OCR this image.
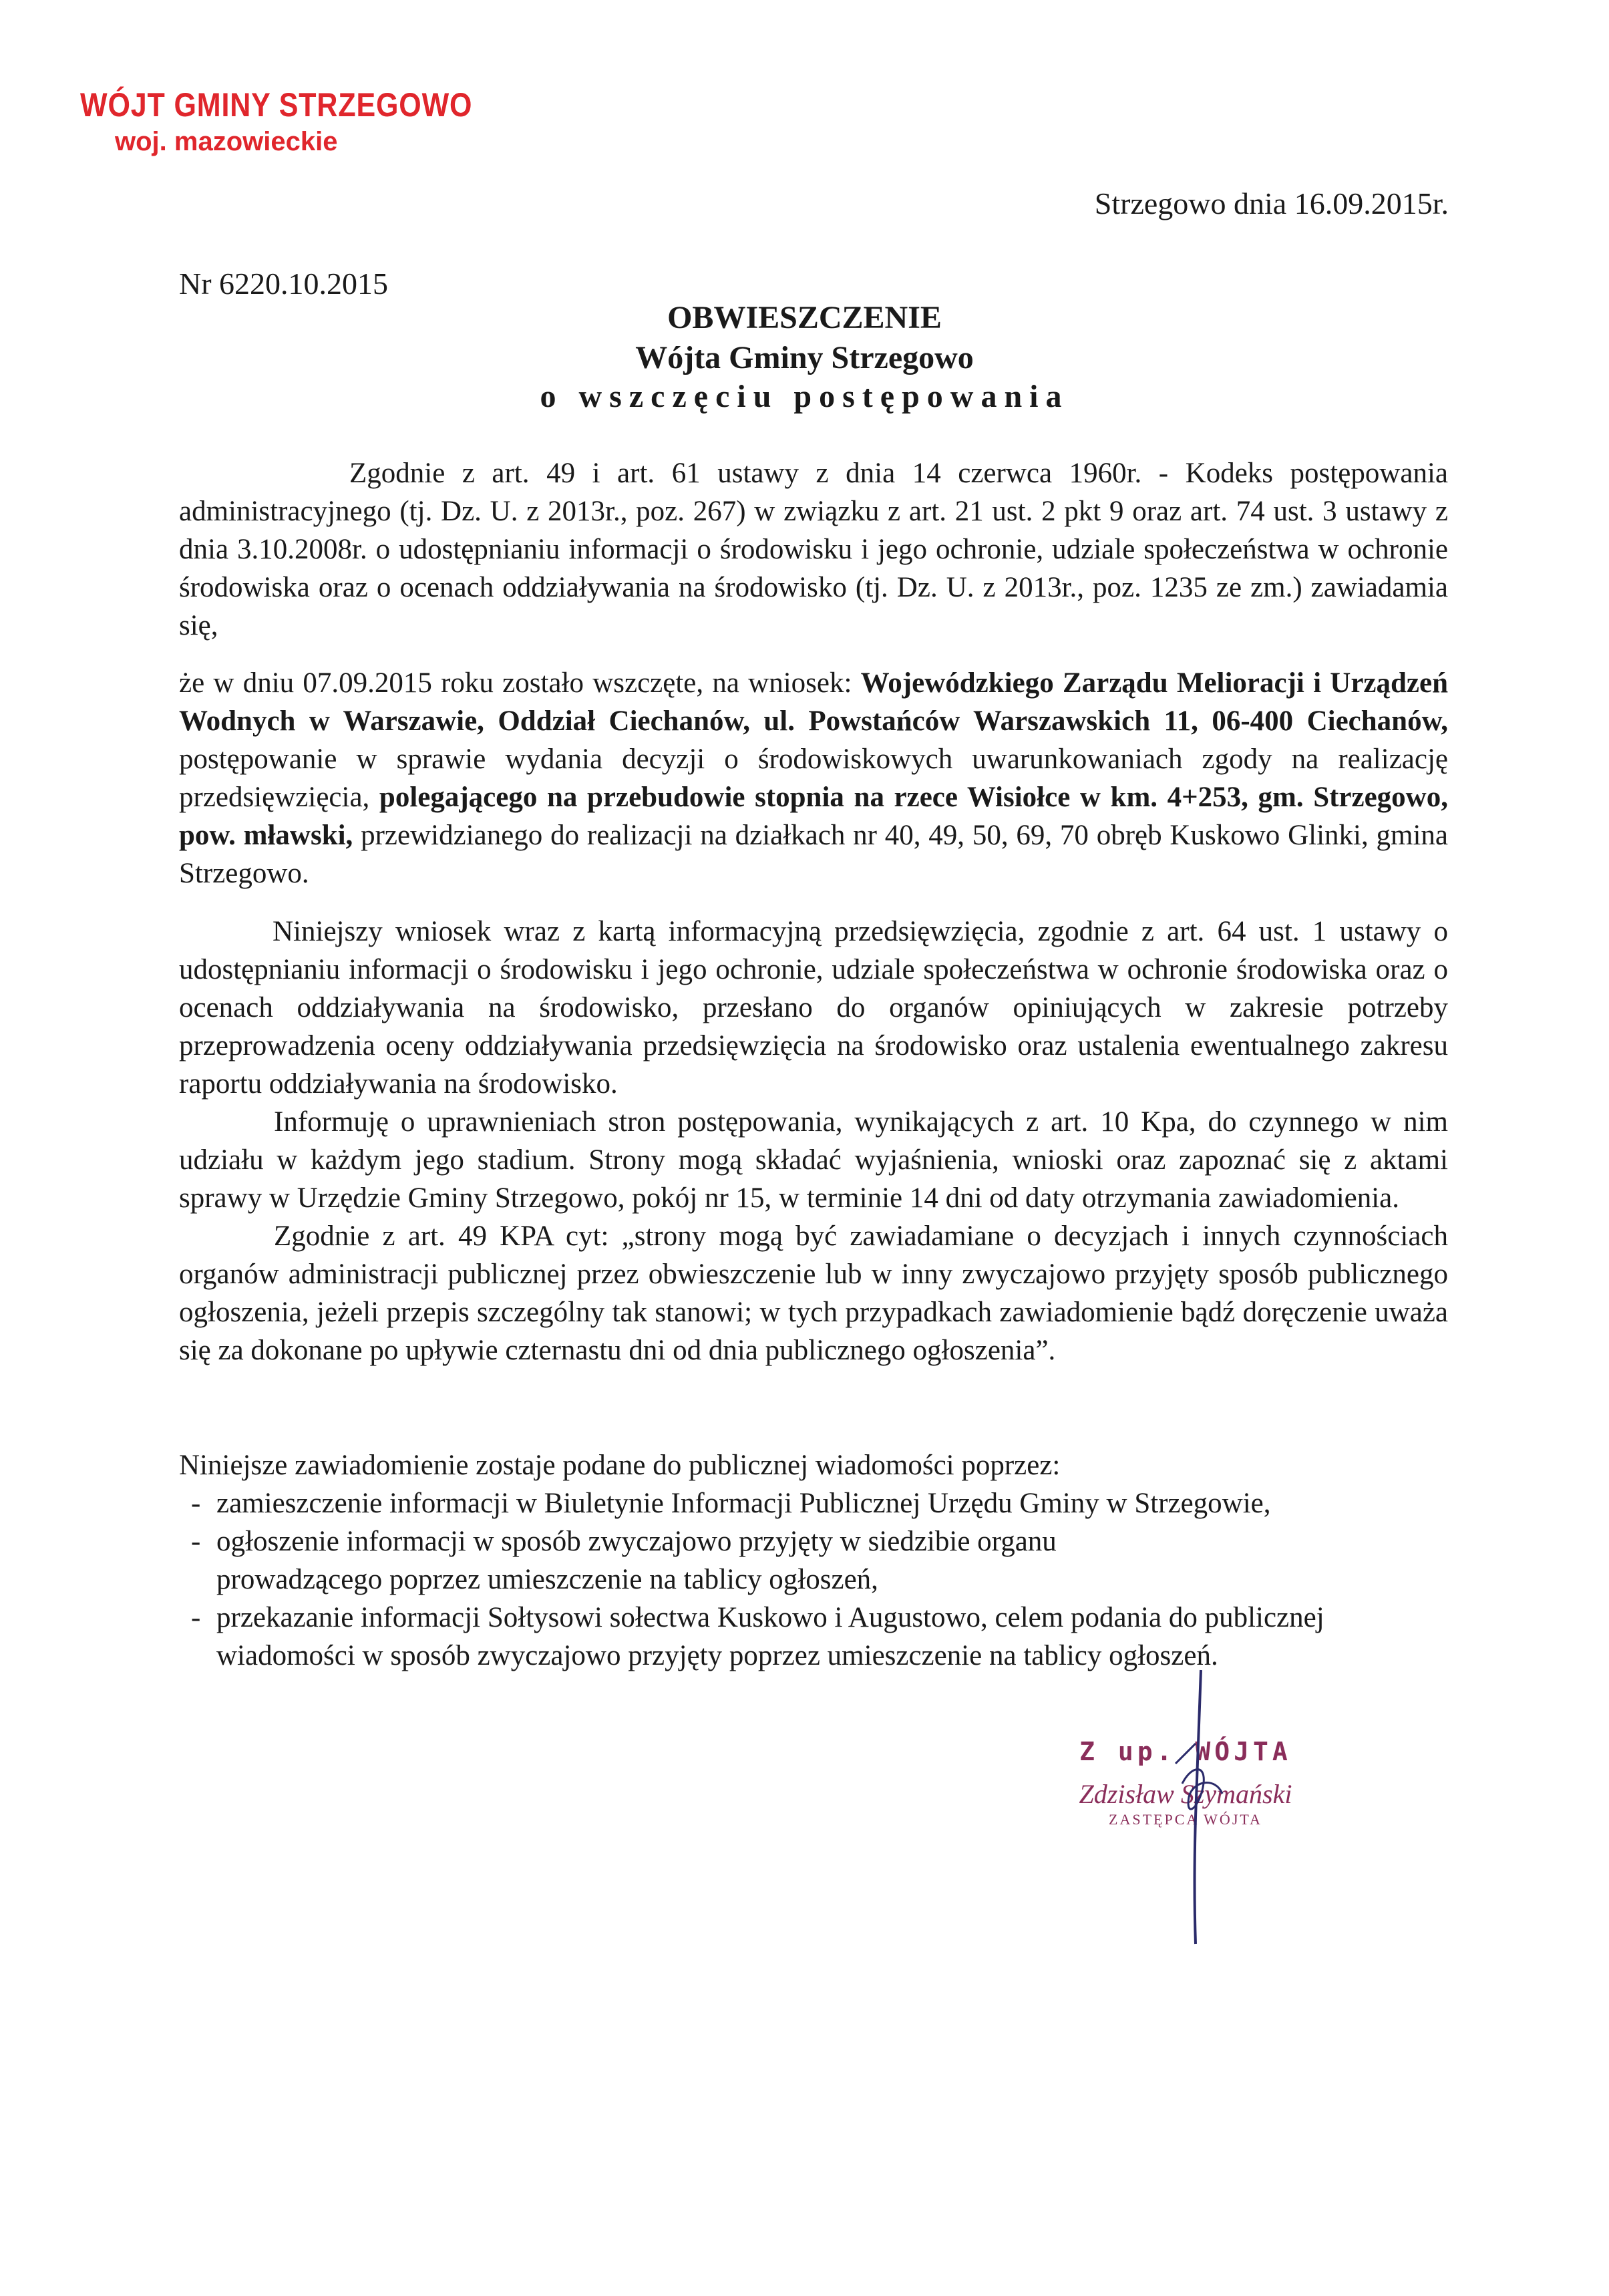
WÓJT GMINY STRZEGOWO
woj. mazowieckie
Strzegowo dnia 16.09.2015r.
Nr 6220.10.2015
OBWIESZCZENIE
Wójta Gminy Strzegowo
o wszczęciu postępowania

Zgodnie z art. 49 i art. 61 ustawy z dnia 14 czerwca 1960r. - Kodeks postępowania administracyjnego (tj. Dz. U. z 2013r., poz. 267) w związku z art. 21 ust. 2 pkt 9 oraz art. 74 ust. 3 ustawy z dnia 3.10.2008r. o udostępnianiu informacji o środowisku i jego ochronie, udziale społeczeństwa w ochronie środowiska oraz o ocenach oddziaływania na środowisko (tj. Dz. U. z 2013r., poz. 1235 ze zm.) zawiadamia się,

że w dniu 07.09.2015 roku zostało wszczęte, na wniosek: Wojewódzkiego Zarządu Melioracji i Urządzeń Wodnych w Warszawie, Oddział Ciechanów, ul. Powstańców Warszawskich 11, 06-400 Ciechanów, postępowanie w sprawie wydania decyzji o środowiskowych uwarunkowaniach zgody na realizację przedsięwzięcia, polegającego na przebudowie stopnia na rzece Wisiołce w km. 4+253, gm. Strzegowo, pow. mławski, przewidzianego do realizacji na działkach nr 40, 49, 50, 69, 70 obręb Kuskowo Glinki, gmina Strzegowo.

Niniejszy wniosek wraz z kartą informacyjną przedsięwzięcia, zgodnie z art. 64 ust. 1 ustawy o udostępnianiu informacji o środowisku i jego ochronie, udziale społeczeństwa w ochronie środowiska oraz o ocenach oddziaływania na środowisko, przesłano do organów opiniujących w zakresie potrzeby przeprowadzenia oceny oddziaływania przedsięwzięcia na środowisko oraz ustalenia ewentualnego zakresu raportu oddziaływania na środowisko.

Informuję o uprawnieniach stron postępowania, wynikających z art. 10 Kpa, do czynnego w nim udziału w każdym jego stadium. Strony mogą składać wyjaśnienia, wnioski oraz zapoznać się z aktami sprawy w Urzędzie Gminy Strzegowo, pokój nr 15, w terminie 14 dni od daty otrzymania zawiadomienia.

Zgodnie z art. 49 KPA cyt: „strony mogą być zawiadamiane o decyzjach i innych czynnościach organów administracji publicznej przez obwieszczenie lub w inny zwyczajowo przyjęty sposób publicznego ogłoszenia, jeżeli przepis szczególny tak stanowi; w tych przypadkach zawiadomienie bądź doręczenie uważa się za dokonane po upływie czternastu dni od dnia publicznego ogłoszenia”.

Niniejsze zawiadomienie zostaje podane do publicznej wiadomości poprzez:
- zamieszczenie informacji w Biuletynie Informacji Publicznej Urzędu Gminy w Strzegowie,
- ogłoszenie informacji w sposób zwyczajowo przyjęty w siedzibie organu prowadzącego poprzez umieszczenie na tablicy ogłoszeń,
- przekazanie informacji Sołtysowi sołectwa Kuskowo i Augustowo, celem podania do publicznej wiadomości w sposób zwyczajowo przyjęty poprzez umieszczenie na tablicy ogłoszeń.
Z up. WÓJTA
Zdzisław Szymański
ZASTĘPCA WÓJTA
